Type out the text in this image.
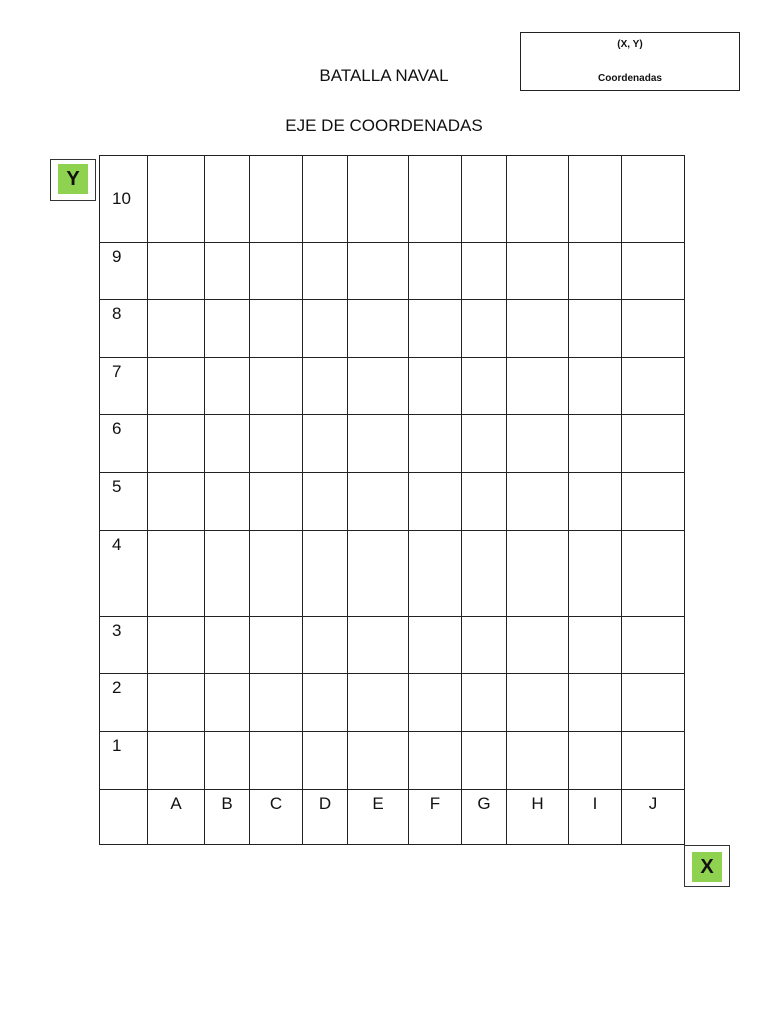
(X, Y)
Coordenadas
BATALLA NAVAL
EJE DE COORDENADAS
Y
X
10										
9										
8										
7										
6										
5										
4										
3										
2										
1										
	A	B	C	D	E	F	G	H	I	J
